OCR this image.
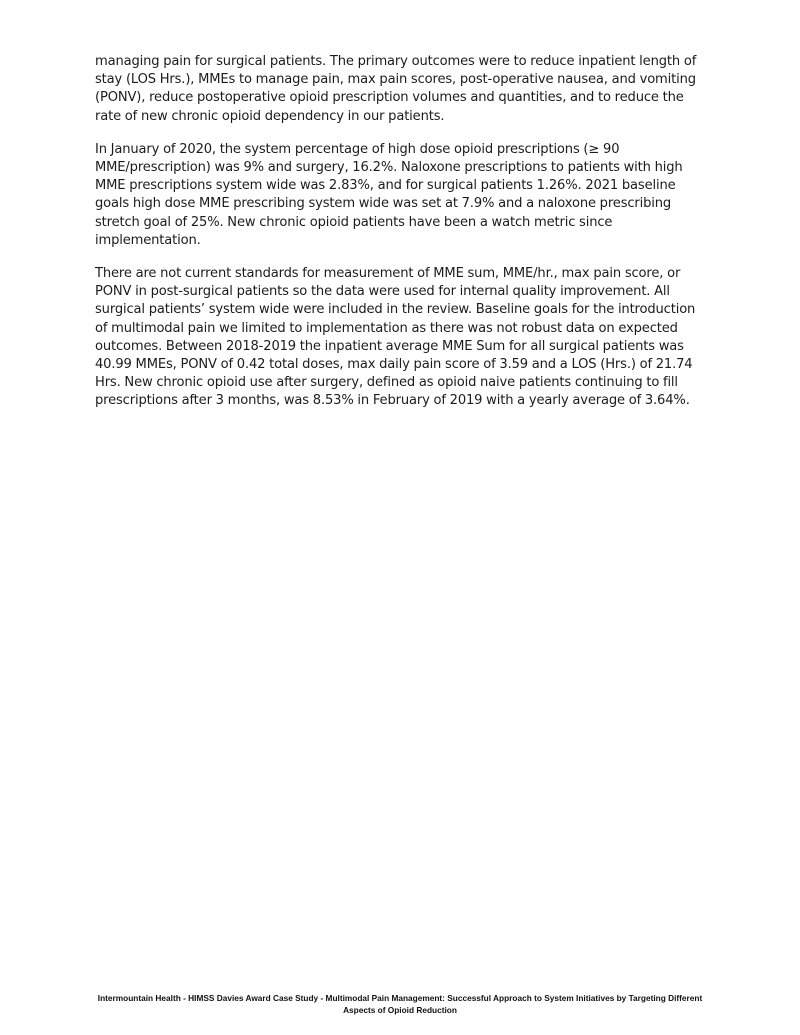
managing pain for surgical patients. The primary outcomes were to reduce inpatient length of stay (LOS Hrs.), MMEs to manage pain, max pain scores, post-operative nausea, and vomiting (PONV), reduce postoperative opioid prescription volumes and quantities, and to reduce the rate of new chronic opioid dependency in our patients.

In January of 2020, the system percentage of high dose opioid prescriptions (≥ 90 MME/prescription) was 9% and surgery, 16.2%. Naloxone prescriptions to patients with high MME prescriptions system wide was 2.83%, and for surgical patients 1.26%. 2021 baseline goals high dose MME prescribing system wide was set at 7.9% and a naloxone prescribing stretch goal of 25%. New chronic opioid patients have been a watch metric since implementation.

There are not current standards for measurement of MME sum, MME/hr., max pain score, or PONV in post-surgical patients so the data were used for internal quality improvement. All surgical patients’ system wide were included in the review. Baseline goals for the introduction of multimodal pain we limited to implementation as there was not robust data on expected outcomes. Between 2018-2019 the inpatient average MME Sum for all surgical patients was 40.99 MMEs, PONV of 0.42 total doses, max daily pain score of 3.59 and a LOS (Hrs.) of 21.74 Hrs. New chronic opioid use after surgery, defined as opioid naive patients continuing to fill prescriptions after 3 months, was 8.53% in February of 2019 with a yearly average of 3.64%.

Intermountain Health - HIMSS Davies Award Case Study - Multimodal Pain Management: Successful Approach to System Initiatives by Targeting Different Aspects of Opioid Reduction
